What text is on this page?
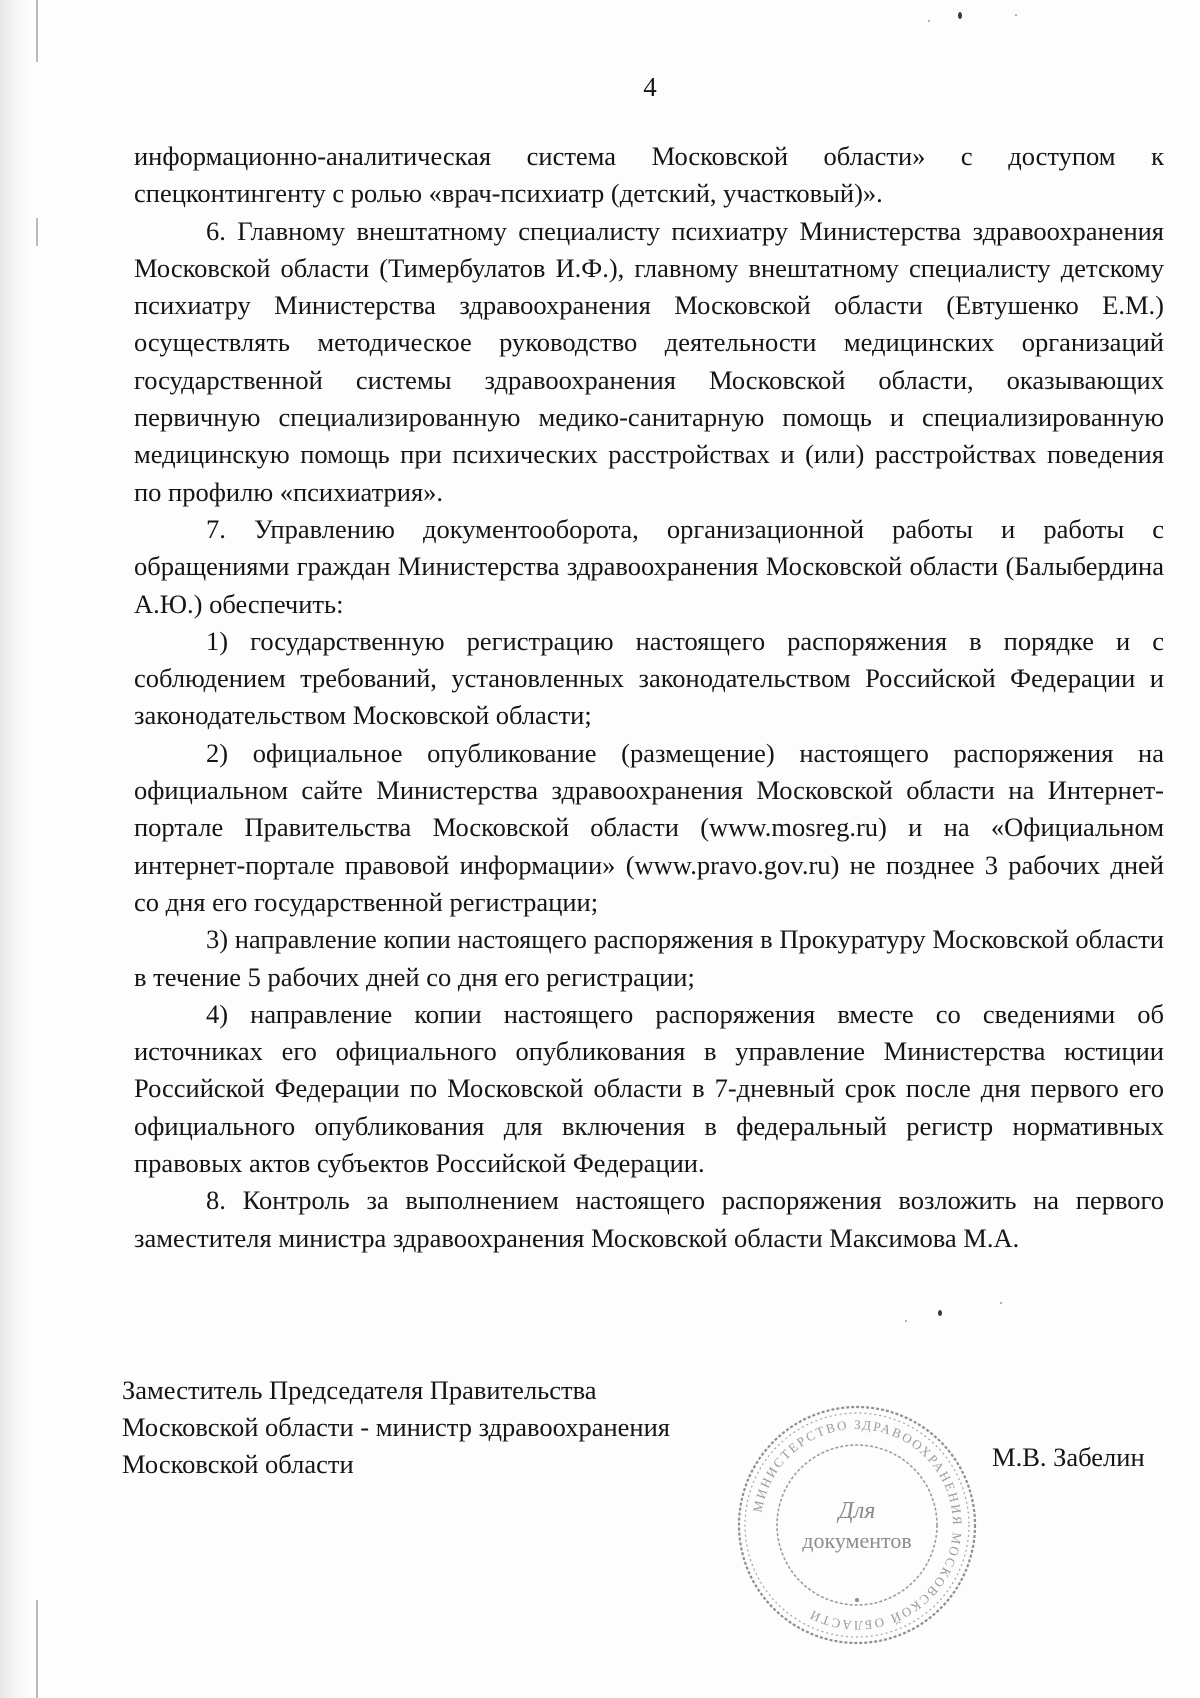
4

информационно-аналитическая система Московской области» с доступом к спецконтингенту с ролью «врач-психиатр (детский, участковый)».

6. Главному внештатному специалисту психиатру Министерства здравоохранения Московской области (Тимербулатов И.Ф.), главному внештатному специалисту детскому психиатру Министерства здравоохранения Московской области (Евтушенко Е.М.) осуществлять методическое руководство деятельности медицинских организаций государственной системы здравоохранения Московской области, оказывающих первичную специализированную медико-санитарную помощь и специализированную медицинскую помощь при психических расстройствах и (или) расстройствах поведения по профилю «психиатрия».

7. Управлению документооборота, организационной работы и работы с обращениями граждан Министерства здравоохранения Московской области (Балыбердина А.Ю.) обеспечить:

1) государственную регистрацию настоящего распоряжения в порядке и с соблюдением требований, установленных законодательством Российской Федерации и законодательством Московской области;

2) официальное опубликование (размещение) настоящего распоряжения на официальном сайте Министерства здравоохранения Московской области на Интернет-портале Правительства Московской области (www.mosreg.ru) и на «Официальном интернет-портале правовой информации» (www.pravo.gov.ru) не позднее 3 рабочих дней со дня его государственной регистрации;

3) направление копии настоящего распоряжения в Прокуратуру Московской области в течение 5 рабочих дней со дня его регистрации;

4) направление копии настоящего распоряжения вместе со сведениями об источниках его официального опубликования в управление Министерства юстиции Российской Федерации по Московской области в 7-дневный срок после дня первого его официального опубликования для включения в федеральный регистр нормативных правовых актов субъектов Российской Федерации.

8. Контроль за выполнением настоящего распоряжения возложить на первого заместителя министра здравоохранения Московской области Максимова М.А.

Заместитель Председателя Правительства
Московской области - министр здравоохранения
Московской области
МИНИСТЕРСТВО ЗДРАВООХРАНЕНИЯ МОСКОВСКОЙ ОБЛАСТИ
Для
документов
М.В. Забелин
